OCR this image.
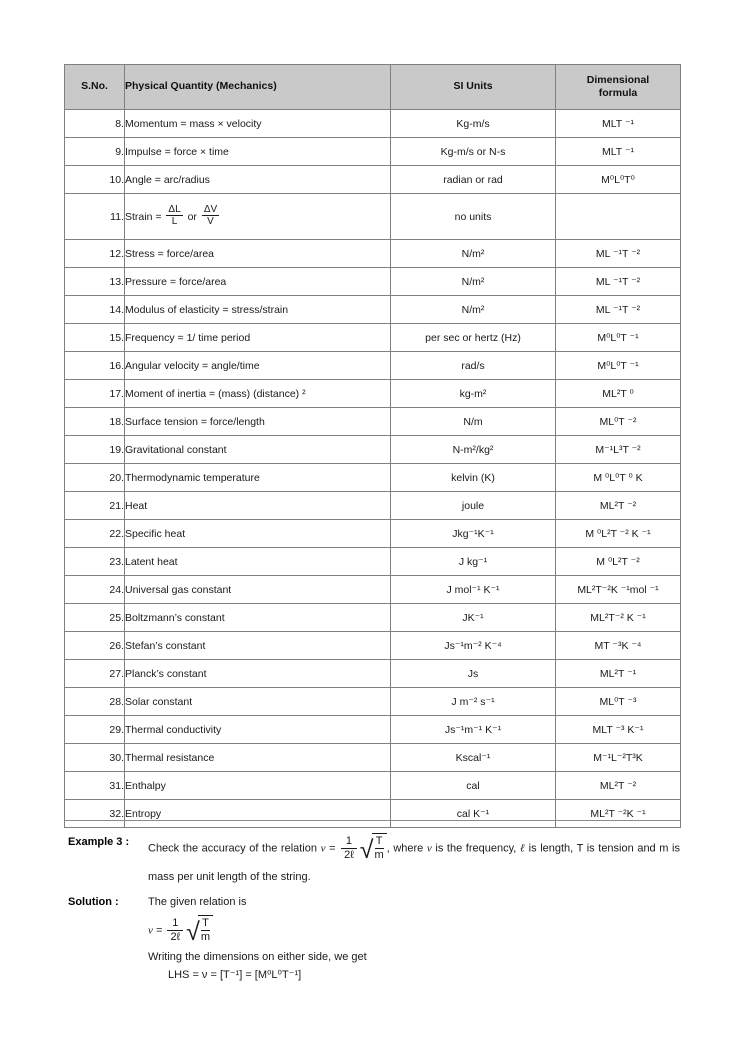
S.No.	Physical Quantity (Mechanics)	SI Units	Dimensional
formula
8.	Momentum = mass × velocity	Kg-m/s	MLT ⁻¹
9.	Impulse = force × time	Kg-m/s or N-s	MLT ⁻¹
10.	Angle = arc/radius	radian or rad	M⁰L⁰T⁰
11.	Strain = $\frac{\Delta L}{L}$ or $\frac{\Delta V}{V}$	no units	
12.	Stress = force/area	N/m²	ML ⁻¹T ⁻²
13.	Pressure = force/area	N/m²	ML ⁻¹T ⁻²
14.	Modulus of elasticity = stress/strain	N/m²	ML ⁻¹T ⁻²
15.	Frequency = 1/ time period	per sec or hertz (Hz)	M⁰L⁰T ⁻¹
16.	Angular velocity = angle/time	rad/s	M⁰L⁰T ⁻¹
17.	Moment of inertia = (mass) (distance) ²	kg-m²	ML²T ⁰
18.	Surface tension = force/length	N/m	ML⁰T ⁻²
19.	Gravitational constant	N-m²/kg²	M⁻¹L³T ⁻²
20.	Thermodynamic temperature	kelvin (K)	M ⁰L⁰T ⁰ K
21.	Heat	joule	ML²T ⁻²
22.	Specific heat	Jkg⁻¹K⁻¹	M ⁰L²T ⁻² K ⁻¹
23.	Latent heat	J kg⁻¹	M ⁰L²T ⁻²
24.	Universal gas constant	J mol⁻¹ K⁻¹	ML²T⁻²K ⁻¹mol ⁻¹
25.	Boltzmann’s constant	JK⁻¹	ML²T⁻² K ⁻¹
26.	Stefan’s constant	Js⁻¹m⁻² K⁻⁴	MT ⁻³K ⁻⁴
27.	Planck’s constant	Js	ML²T ⁻¹
28.	Solar constant	J m⁻² s⁻¹	ML⁰T ⁻³
29.	Thermal conductivity	Js⁻¹m⁻¹ K⁻¹	MLT ⁻³ K⁻¹
30.	Thermal resistance	Kscal⁻¹	M⁻¹L⁻²T³K
31.	Enthalpy	cal	ML²T ⁻²
32.	Entropy	cal K⁻¹	ML²T ⁻²K ⁻¹
Example 3 :
Check the accuracy of the relation $\nu = \frac{1}{\text{2ℓ}}$ √
$\frac{T}{m}$ , where ν is the frequency, ℓ is length, T is tension and m is mass per unit length of the string.
Solution :	The given relation is
$\nu = \frac{1}{\text{2ℓ}}$ √
$\frac{T}{m}$
Writing the dimensions on either side, we get
LHS = ν = [T⁻¹] = [M⁰L⁰T⁻¹]
